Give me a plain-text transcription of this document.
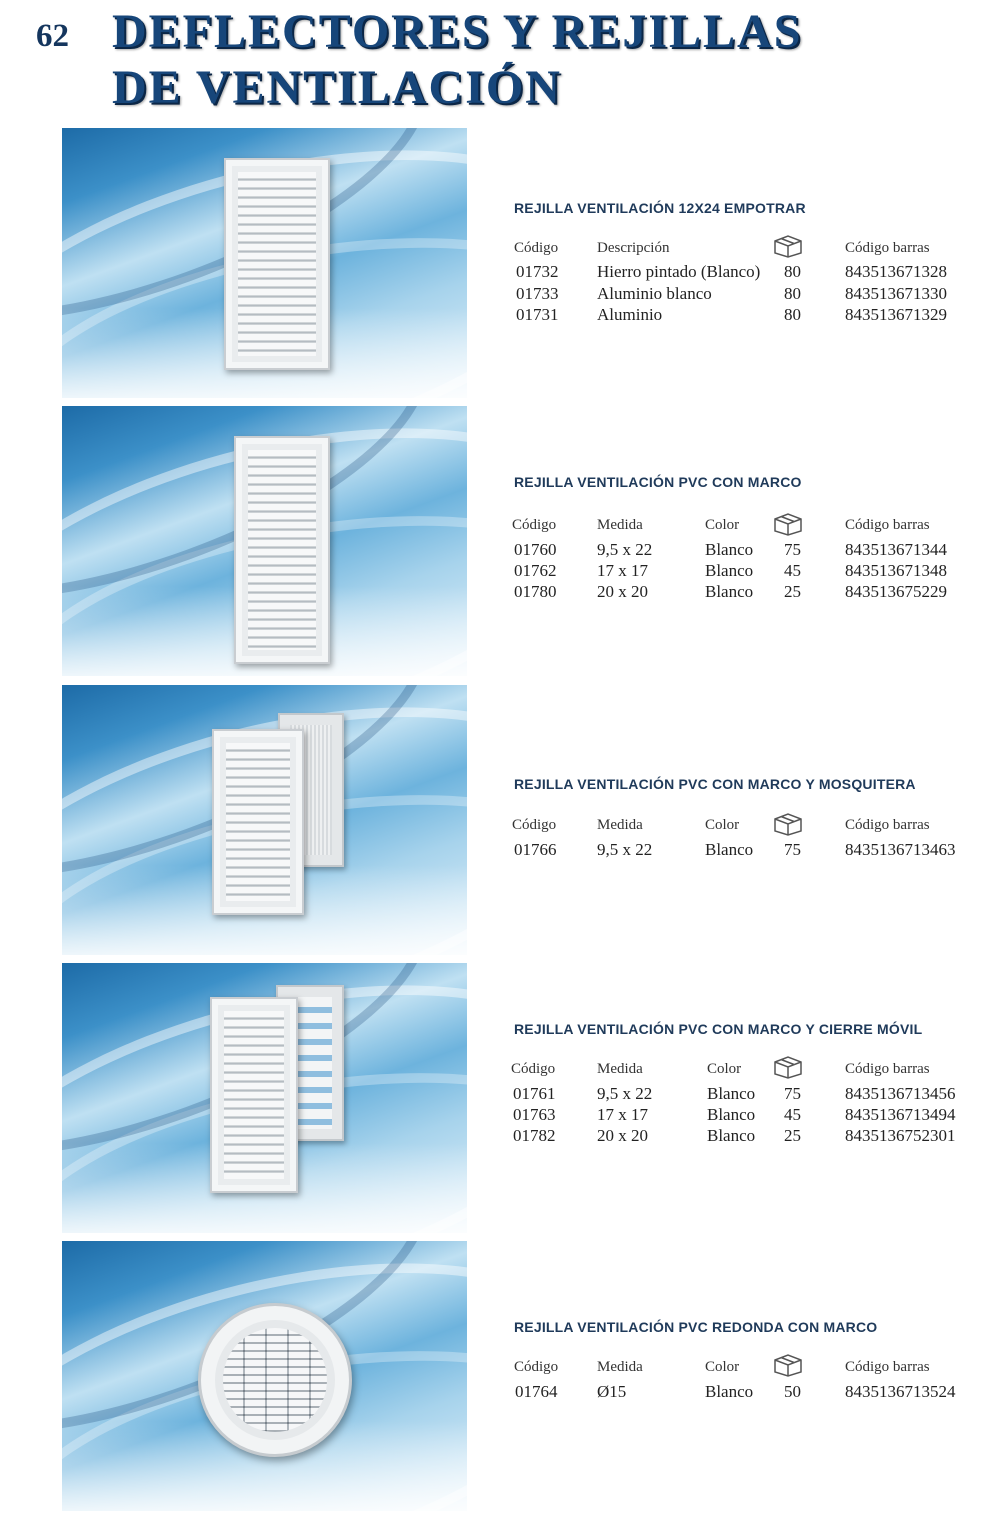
62 DEFLECTORES Y REJILLAS
DE VENTILACIÓN
REJILLA VENTILACIÓN 12X24 EMPOTRAR
Código	Descripción	Código barras
01732 Hierro pintado (Blanco) 80	843513671328
01733 Aluminio blanco	80	843513671330
01731 Aluminio	80	843513671329
REJILLA VENTILACIÓN PVC CON MARCO
Código	Medida	Color	Código barras
01760 9,5 x 22	Blanco 75	843513671344
01762 17 x 17	Blanco 45	843513671348
01780 20 x 20	Blanco 25	843513675229
REJILLA VENTILACIÓN PVC CON MARCO Y MOSQUITERA
Código	Medida	Color	Código barras
01766 9,5 x 22	Blanco 75	8435136713463
REJILLA VENTILACIÓN PVC CON MARCO Y CIERRE MÓVIL
Código	Medida	Color	Código barras
01761 9,5 x 22	Blanco 75	8435136713456
01763 17 x 17	Blanco 45	8435136713494
01782 20 x 20	Blanco 25	8435136752301
REJILLA VENTILACIÓN PVC REDONDA CON MARCO
Código	Medida	Color	Código barras
01764 Ø15	Blanco 50	8435136713524
